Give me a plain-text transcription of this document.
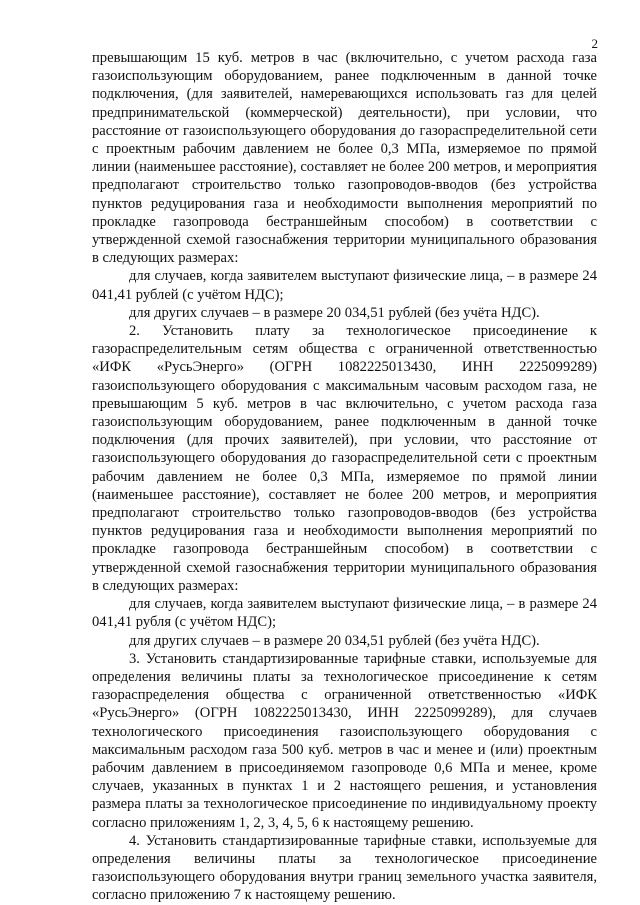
2

превышающим 15 куб. метров в час (включительно, с учетом расхода газа газоиспользующим оборудованием, ранее подключенным в данной точке подключения, (для заявителей, намеревающихся использовать газ для целей предпринимательской (коммерческой) деятельности), при условии, что расстояние от газоиспользующего оборудования до газораспределительной сети с проектным рабочим давлением не более 0,3 МПа, измеряемое по прямой линии (наименьшее расстояние), составляет не более 200 метров, и мероприятия предполагают строительство только газопроводов-вводов (без устройства пунктов редуцирования газа и необходимости выполнения мероприятий по прокладке газопровода бестраншейным способом) в соответствии с утвержденной схемой газоснабжения территории муниципального образования в следующих размерах:

для случаев, когда заявителем выступают физические лица, – в размере 24 041,41 рублей (с учётом НДС);

для других случаев – в размере 20 034,51 рублей (без учёта НДС).

2. Установить плату за технологическое присоединение к газораспределительным сетям общества с ограниченной ответственностью «ИФК «РусьЭнерго» (ОГРН 1082225013430, ИНН 2225099289) газоиспользующего оборудования с максимальным часовым расходом газа, не превышающим 5 куб. метров в час включительно, с учетом расхода газа газоиспользующим оборудованием, ранее подключенным в данной точке подключения (для прочих заявителей), при условии, что расстояние от газоиспользующего оборудования до газораспределительной сети с проектным рабочим давлением не более 0,3 МПа, измеряемое по прямой линии (наименьшее расстояние), составляет не более 200 метров, и мероприятия предполагают строительство только газопроводов-вводов (без устройства пунктов редуцирования газа и необходимости выполнения мероприятий по прокладке газопровода бестраншейным способом) в соответствии с утвержденной схемой газоснабжения территории муниципального образования в следующих размерах:

для случаев, когда заявителем выступают физические лица, – в размере 24 041,41 рубля (с учётом НДС);

для других случаев – в размере 20 034,51 рублей (без учёта НДС).

3. Установить стандартизированные тарифные ставки, используемые для определения величины платы за технологическое присоединение к сетям газораспределения общества с ограниченной ответственностью «ИФК «РусьЭнерго» (ОГРН 1082225013430, ИНН 2225099289), для случаев технологического присоединения газоиспользующего оборудования с максимальным расходом газа 500 куб. метров в час и менее и (или) проектным рабочим давлением в присоединяемом газопроводе 0,6 МПа и менее, кроме случаев, указанных в пунктах 1 и 2 настоящего решения, и установления размера платы за технологическое присоединение по индивидуальному проекту согласно приложениям 1, 2, 3, 4, 5, 6 к настоящему решению.

4. Установить стандартизированные тарифные ставки, используемые для определения величины платы за технологическое присоединение газоиспользующего оборудования внутри границ земельного участка заявителя, согласно приложению 7 к настоящему решению.
